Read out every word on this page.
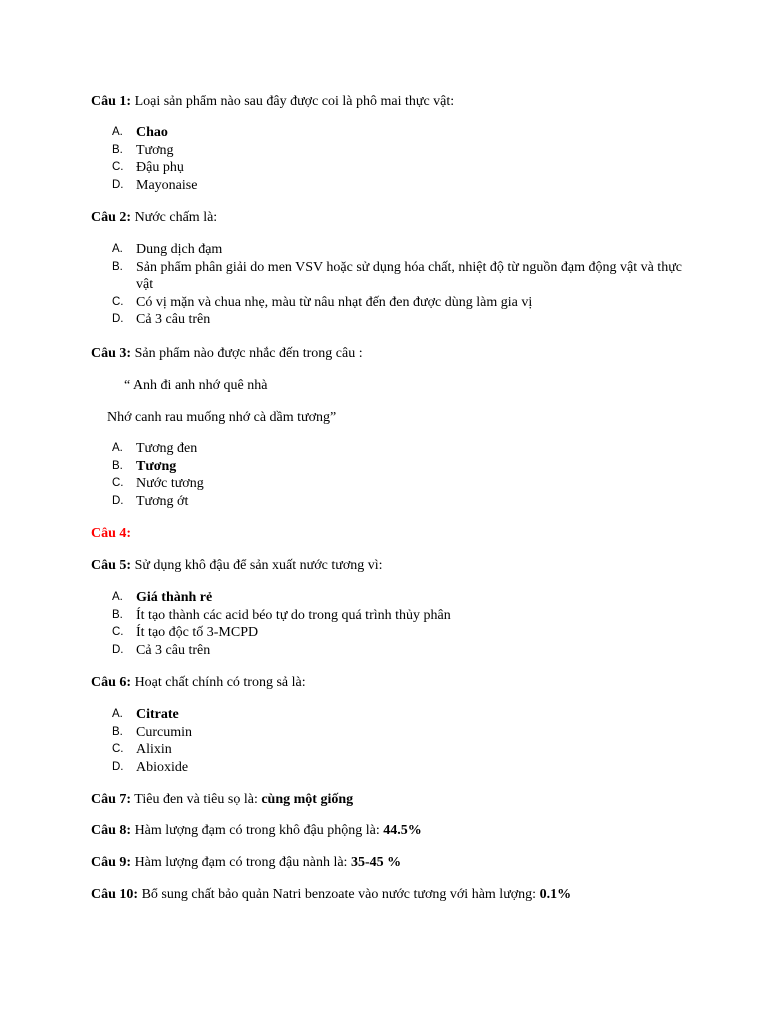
Câu 1: Loại sản phẩm nào sau đây được coi là phô mai thực vật:
A. Chao
B. Tương
C. Đậu phụ
D. Mayonaise
Câu 2: Nước chấm là:
A. Dung dịch đạm
B. Sản phẩm phân giải do men VSV hoặc sử dụng hóa chất, nhiệt độ từ nguồn đạm động vật và thực vật
C. Có vị mặn và chua nhẹ, màu từ nâu nhạt đến đen được dùng làm gia vị
D. Cả 3 câu trên
Câu 3: Sản phẩm nào được nhắc đến trong câu :
“ Anh đi anh nhớ quê nhà
Nhớ canh rau muống nhớ cà dầm tương”
A. Tương đen
B. Tương
C. Nước tương
D. Tương ớt
Câu 4:
Câu 5: Sử dụng khô đậu để sản xuất nước tương vì:
A. Giá thành rẻ
B. Ít tạo thành các acid béo tự do trong quá trình thủy phân
C. Ít tạo độc tố 3-MCPD
D. Cả 3 câu trên
Câu 6: Hoạt chất chính có trong sả là:
A. Citrate
B. Curcumin
C. Alixin
D. Abioxide
Câu 7: Tiêu đen và tiêu sọ là: cùng một giống
Câu 8: Hàm lượng đạm có trong khô đậu phộng là: 44.5%
Câu 9: Hàm lượng đạm có trong đậu nành là: 35-45 %
Câu 10: Bổ sung chất bảo quản Natri benzoate vào nước tương với hàm lượng: 0.1%
